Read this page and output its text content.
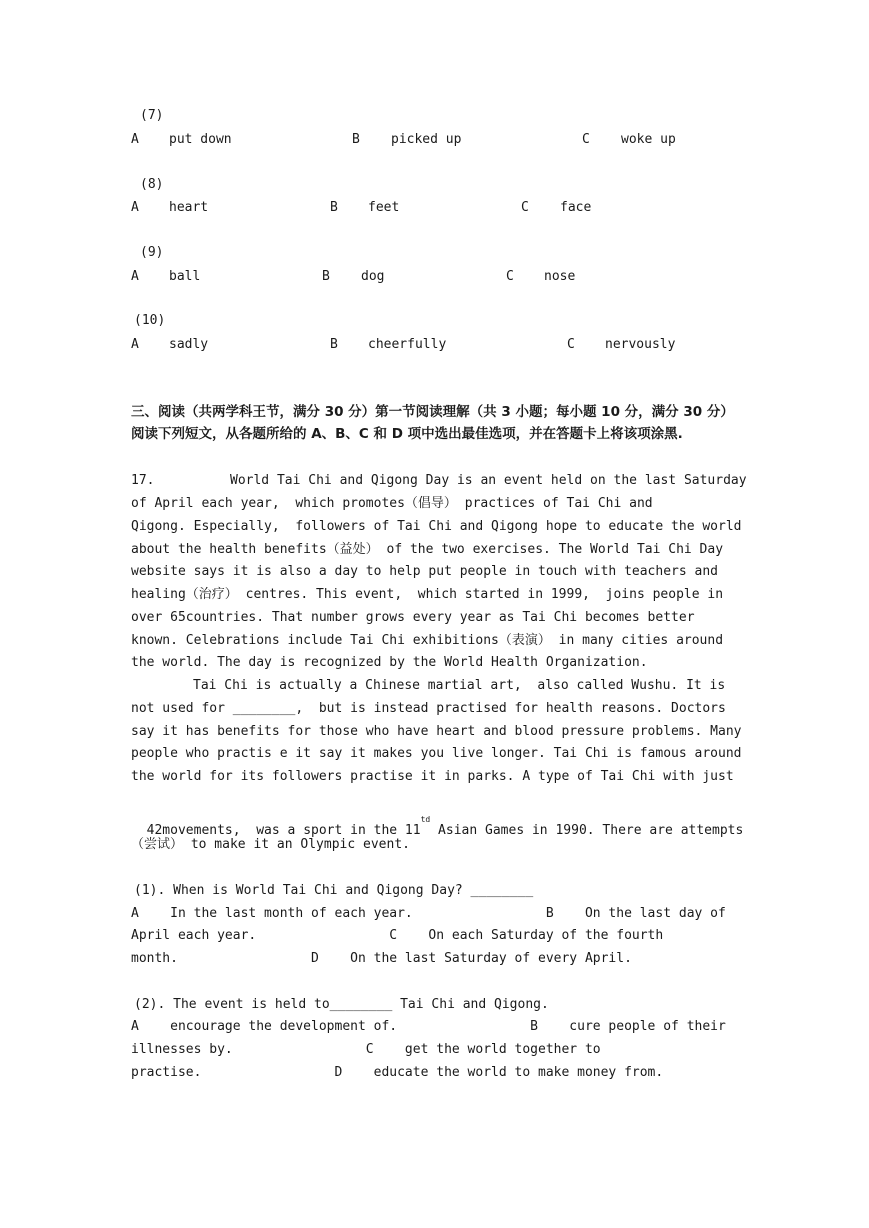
(7)
A put down	B picked up	C woke up
(8)
A heart	B feet	C face
(9)
A ball	B dog	C nose
(10)
A sadly	B cheerfully	C nervously
三、阅读（共两学科王节，满分 30 分）第一节阅读理解（共 3 小题；每小题 10 分，满分 30 分）阅读下列短文，从各题所给的 A、B、C 和 D 项中选出最佳选项，并在答题卡上将该项涂黑.
17.	World Tai Chi and Qigong Day is an event held on the last Saturday
of April each year,  which promotes（倡导） practices of Tai Chi and
Qigong. Especially,  followers of Tai Chi and Qigong hope to educate the world
about the health benefits（益处） of the two exercises. The World Tai Chi Day
website says it is also a day to help put people in touch with teachers and
healing（治疗） centres. This event,  which started in 1999,  joins people in
over 65countries. That number grows every year as Tai Chi becomes better
known. Celebrations include Tai Chi exhibitions（表演） in many cities around
the world. The day is recognized by the World Health Organization.
Tai Chi is actually a Chinese martial art,  also called Wushu. It is
not used for ________,  but is instead practised for health reasons. Doctors
say it has benefits for those who have heart and blood pressure problems. Many
people who practis e it say it makes you live longer. Tai Chi is famous around
the world for its followers practise it in parks. A type of Tai Chi with just

42movements,  was a sport in the $11^{td}$ Asian Games in 1990. There are attempts

（尝试） to make it an Olympic event.
(1). When is World Tai Chi and Qigong Day? ________
A    In the last month of each year.                 B    On the last day of
April each year.                 C    On each Saturday of the fourth
month.                 D    On the last Saturday of every April.
(2). The event is held to________ Tai Chi and Qigong.
A    encourage the development of.                 B    cure people of their
illnesses by.                 C    get the world together to
practise.                 D    educate the world to make money from.
